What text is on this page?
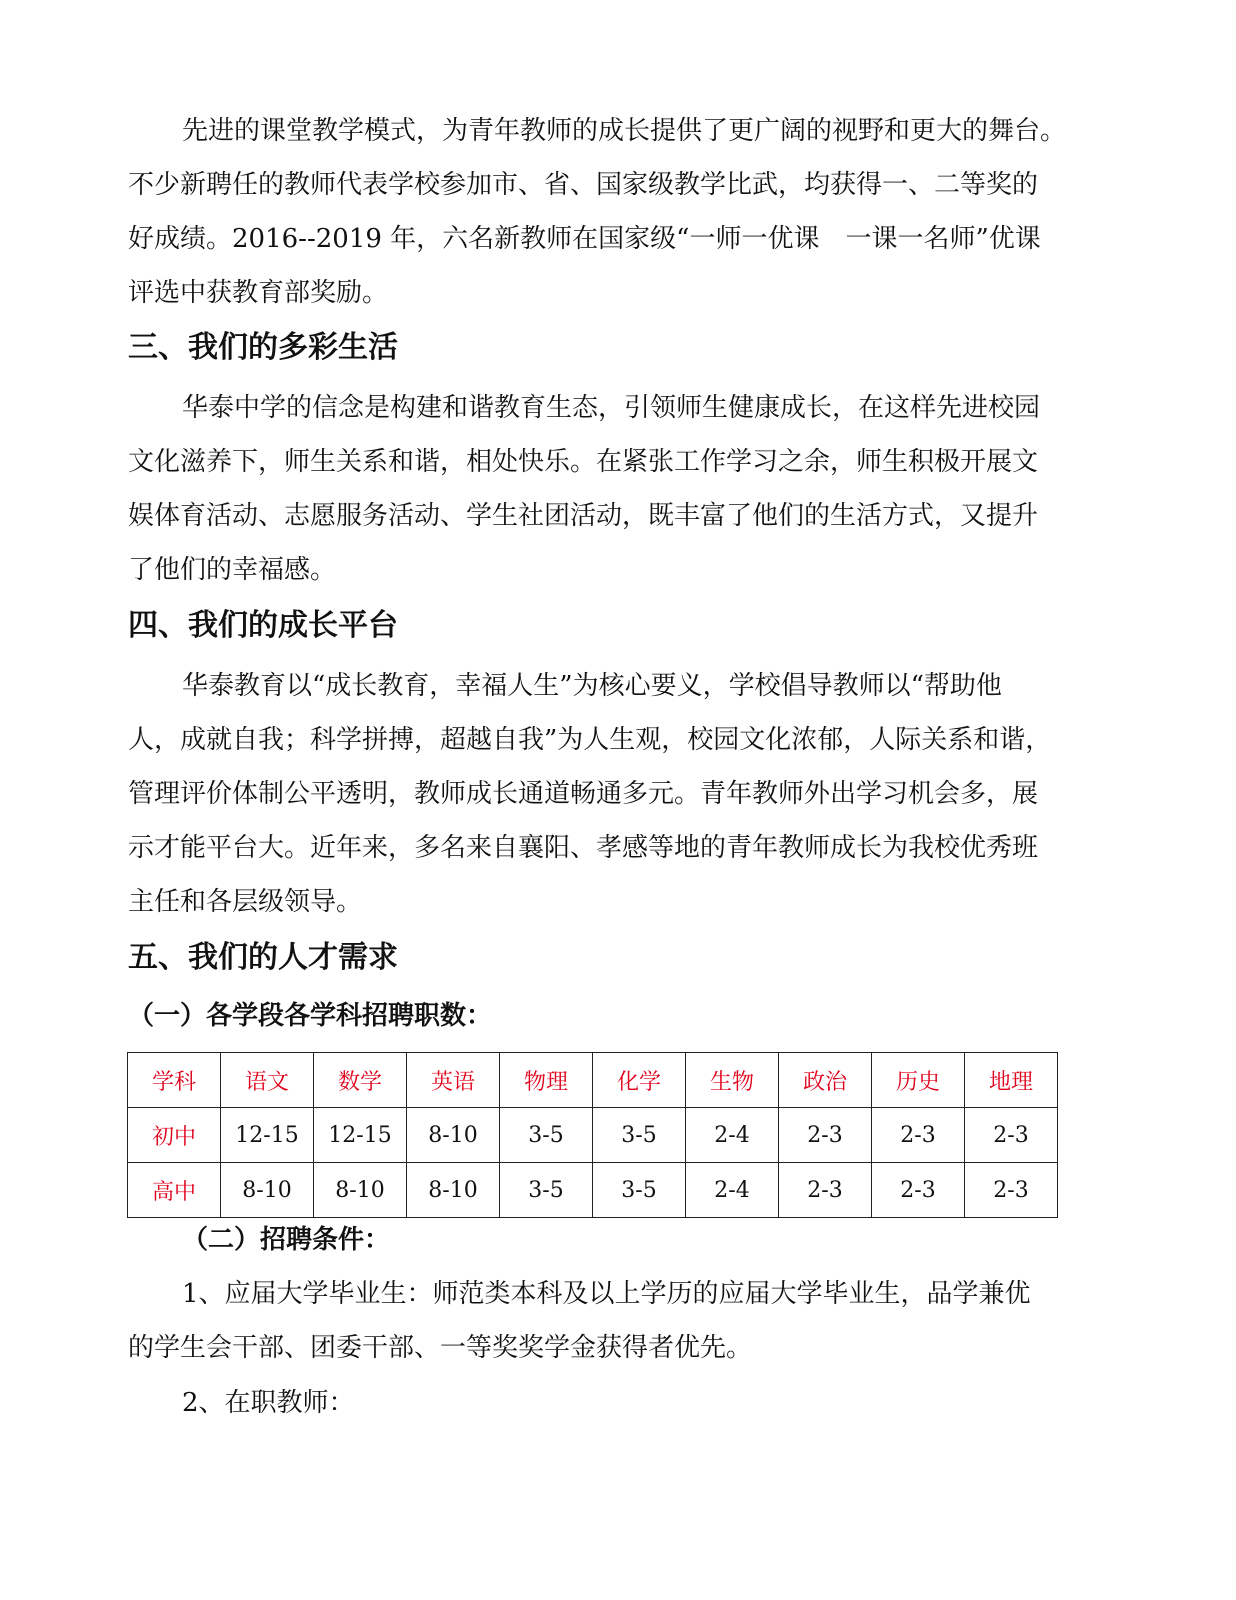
先进的课堂教学模式，为青年教师的成长提供了更广阔的视野和更大的舞台。
不少新聘任的教师代表学校参加市、省、国家级教学比武，均获得一、二等奖的
好成绩。2016--2019 年，六名新教师在国家级“一师一优课　一课一名师”优课
评选中获教育部奖励。
三、我们的多彩生活
华泰中学的信念是构建和谐教育生态，引领师生健康成长，在这样先进校园
文化滋养下，师生关系和谐，相处快乐。在紧张工作学习之余，师生积极开展文
娱体育活动、志愿服务活动、学生社团活动，既丰富了他们的生活方式，又提升
了他们的幸福感。
四、我们的成长平台
华泰教育以“成长教育，幸福人生”为核心要义，学校倡导教师以“帮助他
人，成就自我；科学拼搏，超越自我”为人生观，校园文化浓郁，人际关系和谐，
管理评价体制公平透明，教师成长通道畅通多元。青年教师外出学习机会多，展
示才能平台大。近年来，多名来自襄阳、孝感等地的青年教师成长为我校优秀班
主任和各层级领导。
五、我们的人才需求
（一）各学段各学科招聘职数：
学科	语文	数学	英语	物理	化学	生物	政治	历史	地理
初中	12-15	12-15	8-10	3-5	3-5	2-4	2-3	2-3	2-3
高中	8-10	8-10	8-10	3-5	3-5	2-4	2-3	2-3	2-3
（二）招聘条件：
1、应届大学毕业生：师范类本科及以上学历的应届大学毕业生，品学兼优
的学生会干部、团委干部、一等奖奖学金获得者优先。
2、在职教师：
